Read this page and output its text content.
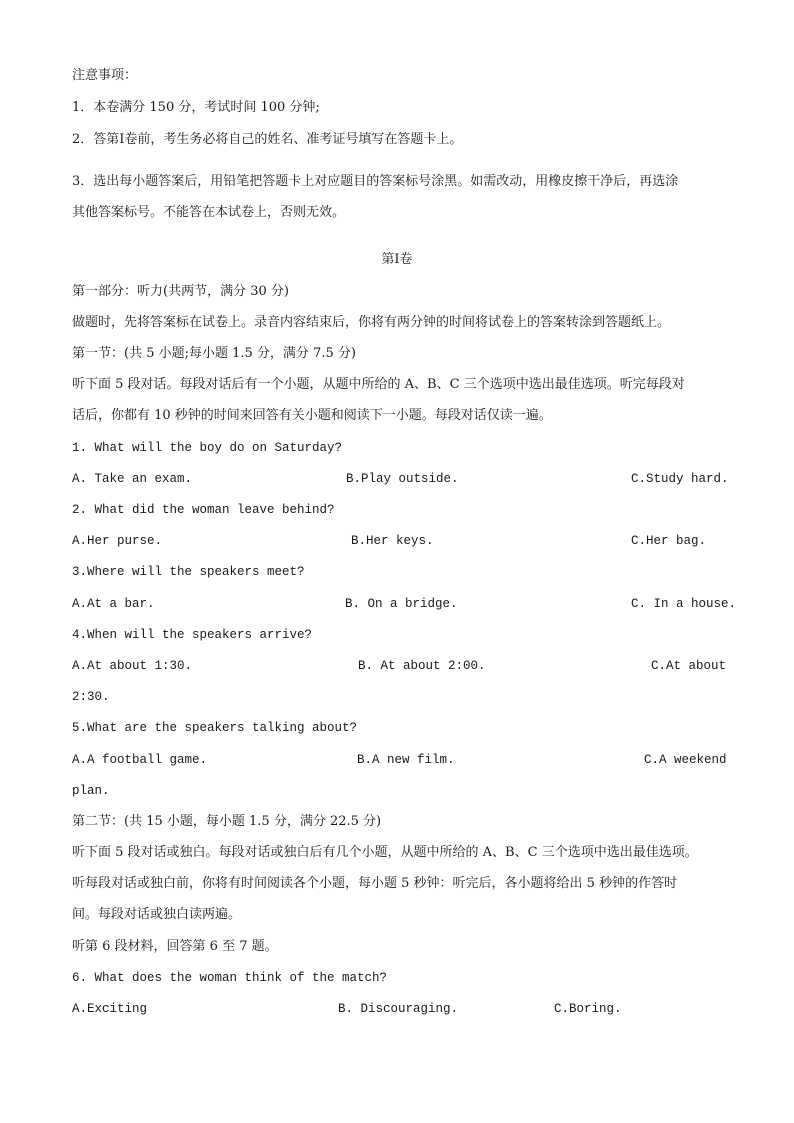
注意事项：
1．本卷满分 150 分，考试时间 100 分钟;
2．答第Ⅰ卷前，考生务必将自己的姓名、准考证号填写在答题卡上。
3．选出每小题答案后，用铅笔把答题卡上对应题目的答案标号涂黑。如需改动，用橡皮擦干净后，再选涂
其他答案标号。不能答在本试卷上，否则无效。
第Ⅰ卷
第一部分：听力(共两节，满分 30 分)
做题时，先将答案标在试卷上。录音内容结束后，你将有两分钟的时间将试卷上的答案转涂到答题纸上。
第一节：(共 5 小题;每小题 1.5 分，满分 7.5 分)
听下面 5 段对话。每段对话后有一个小题，从题中所给的 A、B、C 三个选项中选出最佳选项。听完每段对
话后，你都有 10 秒钟的时间来回答有关小题和阅读下一小题。每段对话仅读一遍。
1. What will the boy do on Saturday?
A. Take an exam.	B.Play outside.	C.Study hard.
2. What did the woman leave behind?
A.Her purse.	B.Her keys.	C.Her bag.
3.Where will the speakers meet?
A.At a bar.	B. On a bridge.	C. In a house.
4.When will the speakers arrive?
A.At about 1:30.	B. At about 2:00.	C.At about
2:30.
5.What are the speakers talking about?
A.A football game.	B.A new film.	C.A weekend
plan.
第二节：(共 15 小题，每小题 1.5 分，满分 22.5 分)
听下面 5 段对话或独白。每段对话或独白后有几个小题，从题中所给的 A、B、C 三个选项中选出最佳选项。
听每段对话或独白前，你将有时间阅读各个小题，每小题 5 秒钟：听完后，各小题将给出 5 秒钟的作答时
间。每段对话或独白读两遍。
听第 6 段材料，回答第 6 至 7 题。
6. What does the woman think of the match?
A.Exciting	B. Discouraging.	C.Boring.
